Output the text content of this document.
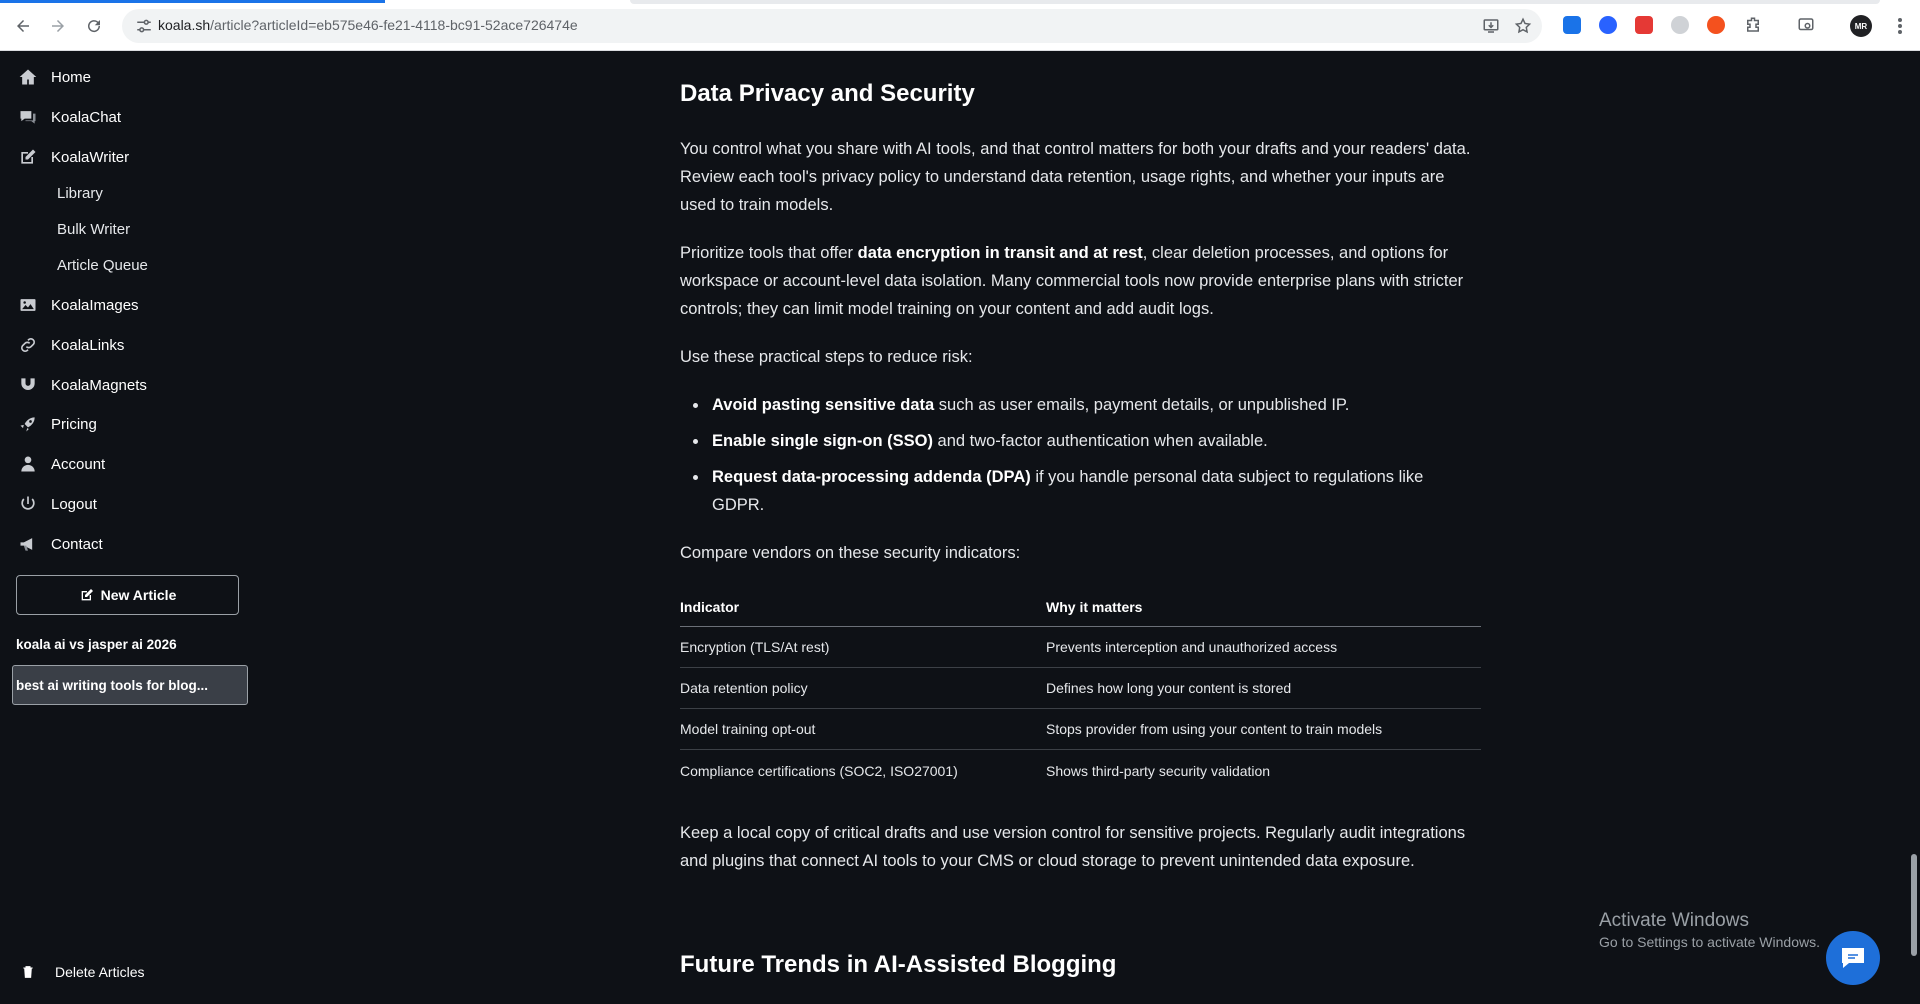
koala.sh/article?articleId=eb575e46-fe21-4118-bc91-52ace726474e	MR
Home
KoalaChat
KoalaWriter
Library
Bulk Writer
Article Queue
KoalaImages
KoalaLinks
KoalaMagnets
Pricing
Account
Logout
Contact
New Article
koala ai vs jasper ai 2026
best ai writing tools for blog...
Delete Articles
Data Privacy and Security

You control what you share with AI tools, and that control matters for both your drafts and your readers' data. Review each tool's privacy policy to understand data retention, usage rights, and whether your inputs are used to train models.

Prioritize tools that offer data encryption in transit and at rest, clear deletion processes, and options for workspace or account-level data isolation. Many commercial tools now provide enterprise plans with stricter controls; they can limit model training on your content and add audit logs.

Use these practical steps to reduce risk:

Avoid pasting sensitive data such as user emails, payment details, or unpublished IP.
Enable single sign-on (SSO) and two-factor authentication when available.
Request data-processing addenda (DPA) if you handle personal data subject to regulations like GDPR.

Compare vendors on these security indicators:

Indicator	Why it matters
Encryption (TLS/At rest)	Prevents interception and unauthorized access
Data retention policy	Defines how long your content is stored
Model training opt-out	Stops provider from using your content to train models
Compliance certifications (SOC2, ISO27001)	Shows third-party security validation

Keep a local copy of critical drafts and use version control for sensitive projects. Regularly audit integrations and plugins that connect AI tools to your CMS or cloud storage to prevent unintended data exposure.

Future Trends in AI-Assisted Blogging
Activate Windows
Go to Settings to activate Windows.
